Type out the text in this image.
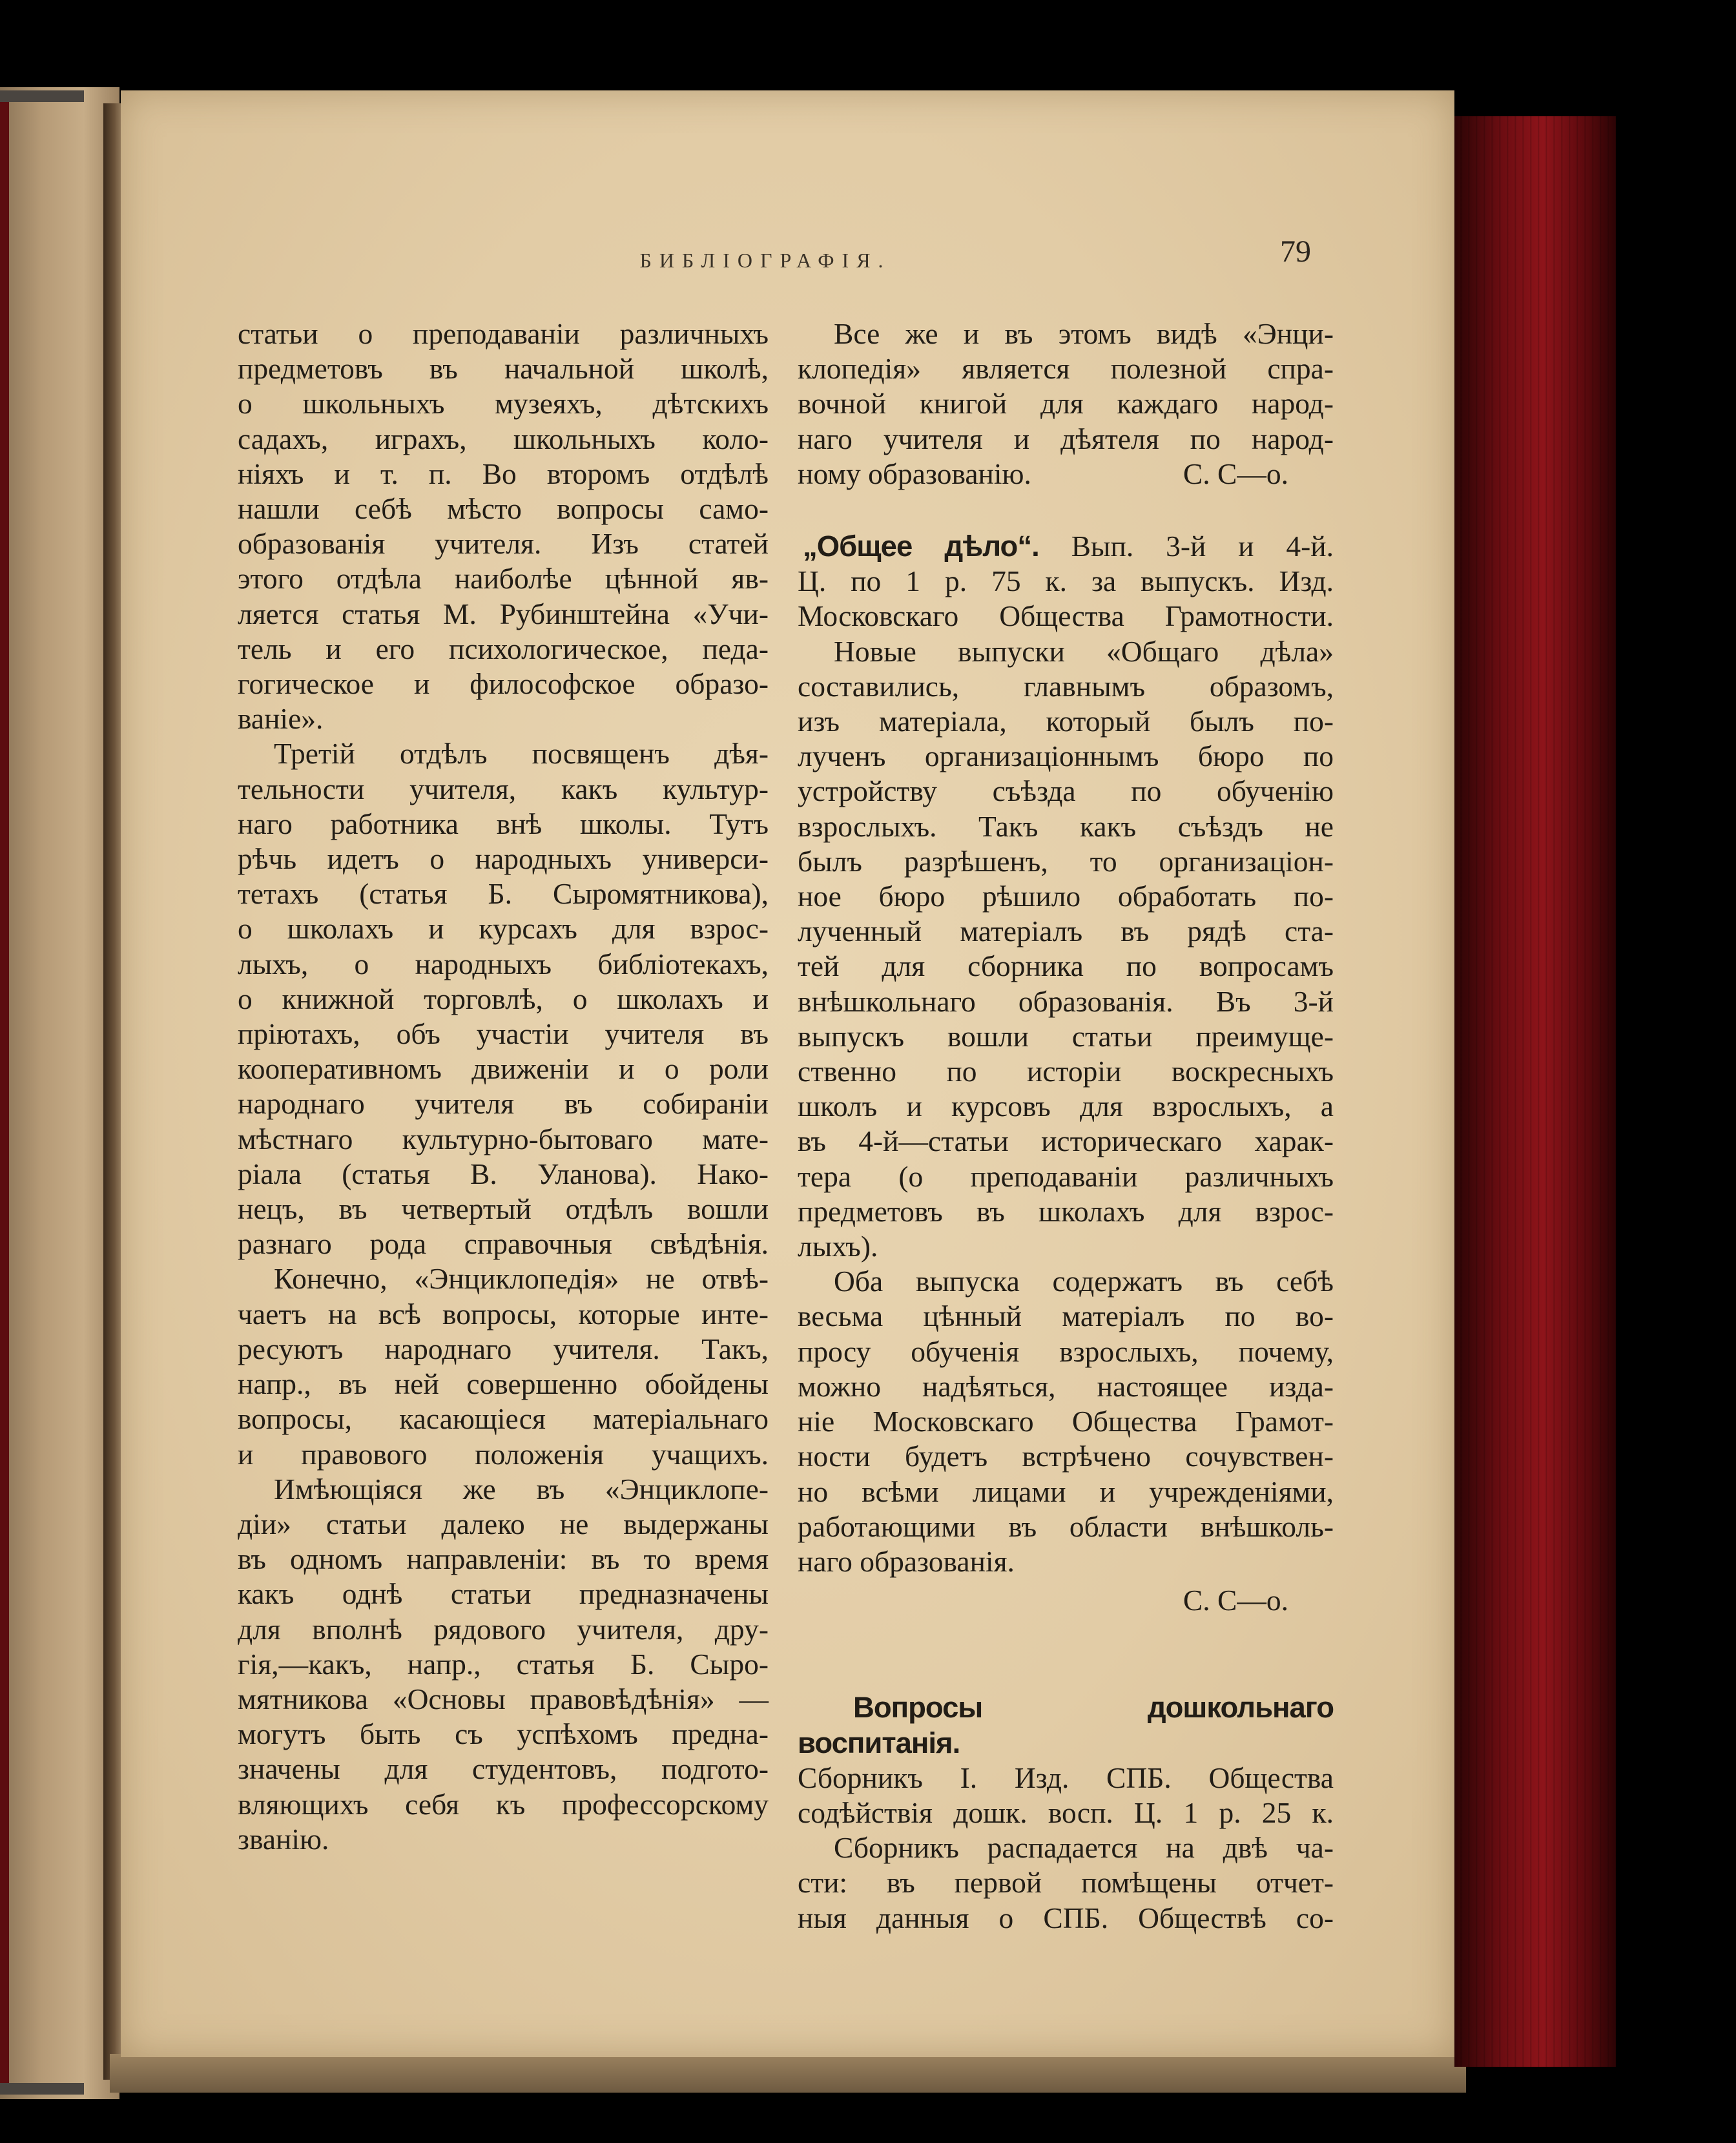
БИБЛІОГРАФІЯ.	79

статьи о преподаваніи различныхъ

предметовъ въ начальной школѣ,

о школьныхъ музеяхъ, дѣтскихъ

садахъ, играхъ, школьныхъ коло-

ніяхъ и т. п. Во второмъ отдѣлѣ

нашли себѣ мѣсто вопросы само-

образованія учителя. Изъ статей

этого отдѣла наиболѣе цѣнной яв-

ляется статья М. Рубинштейна «Учи-

тель и его психологическое, педа-

гогическое и философское образо-

ваніе».

Третій отдѣлъ посвященъ дѣя-

тельности учителя, какъ культур-

наго работника внѣ школы. Тутъ

рѣчь идетъ о народныхъ универси-

тетахъ (статья Б. Сыромятникова),

о школахъ и курсахъ для взрос-

лыхъ, о народныхъ библіотекахъ,

о книжной торговлѣ, о школахъ и

пріютахъ, объ участіи учителя въ

кооперативномъ движеніи и о роли

народнаго учителя въ собираніи

мѣстнаго культурно-бытоваго мате-

ріала (статья В. Уланова). Нако-

нецъ, въ четвертый отдѣлъ вошли

разнаго рода справочныя свѣдѣнія.

Конечно, «Энциклопедія» не отвѣ-

чаетъ на всѣ вопросы, которые инте-

ресуютъ народнаго учителя. Такъ,

напр., въ ней совершенно обойдены

вопросы, касающіеся матеріальнаго

и правового положенія учащихъ.

Имѣющіяся же въ «Энциклопе-

діи» статьи далеко не выдержаны

въ одномъ направленіи: въ то время

какъ однѣ статьи предназначены

для вполнѣ рядового учителя, дру-

гія,—какъ, напр., статья Б. Сыро-

мятникова «Основы правовѣдѣнія» —

могутъ быть съ успѣхомъ предна-

значены для студентовъ, подгото-

вляющихъ себя къ профессорскому

званію.

Все же и въ этомъ видѣ «Энци-

клопедія» является полезной спра-

вочной книгой для каждаго народ-

наго учителя и дѣятеля по народ-

ному образованію.	С. С—о.

„Общее дѣло“. Вып. 3-й и 4-й.

Ц. по 1 р. 75 к. за выпускъ. Изд.

Московскаго Общества Грамотности.

Новые выпуски «Общаго дѣла»

составились, главнымъ образомъ,

изъ матеріала, который былъ по-

лученъ организаціоннымъ бюро по

устройству съѣзда по обученію

взрослыхъ. Такъ какъ съѣздъ не

былъ разрѣшенъ, то организаціон-

ное бюро рѣшило обработать по-

лученный матеріалъ въ рядѣ ста-

тей для сборника по вопросамъ

внѣшкольнаго образованія. Въ 3-й

выпускъ вошли статьи преимуще-

ственно по исторіи воскресныхъ

школъ и курсовъ для взрослыхъ, а

въ 4-й—статьи историческаго харак-

тера (о преподаваніи различныхъ

предметовъ въ школахъ для взрос-

лыхъ).

Оба выпуска содержатъ въ себѣ

весьма цѣнный матеріалъ по во-

просу обученія взрослыхъ, почему,

можно надѣяться, настоящее изда-

ніе Московскаго Общества Грамот-

ности будетъ встрѣчено сочувствен-

но всѣми лицами и учрежденіями,

работающими въ области внѣшколь-

наго образованія.

С. С—о.

Вопросы дошкольнаго воспитанія.

Сборникъ I. Изд. СПБ. Общества

содѣйствія дошк. восп. Ц. 1 р. 25 к.

Сборникъ распадается на двѣ ча-

сти: въ первой помѣщены отчет-

ныя данныя о СПБ. Обществѣ со-
